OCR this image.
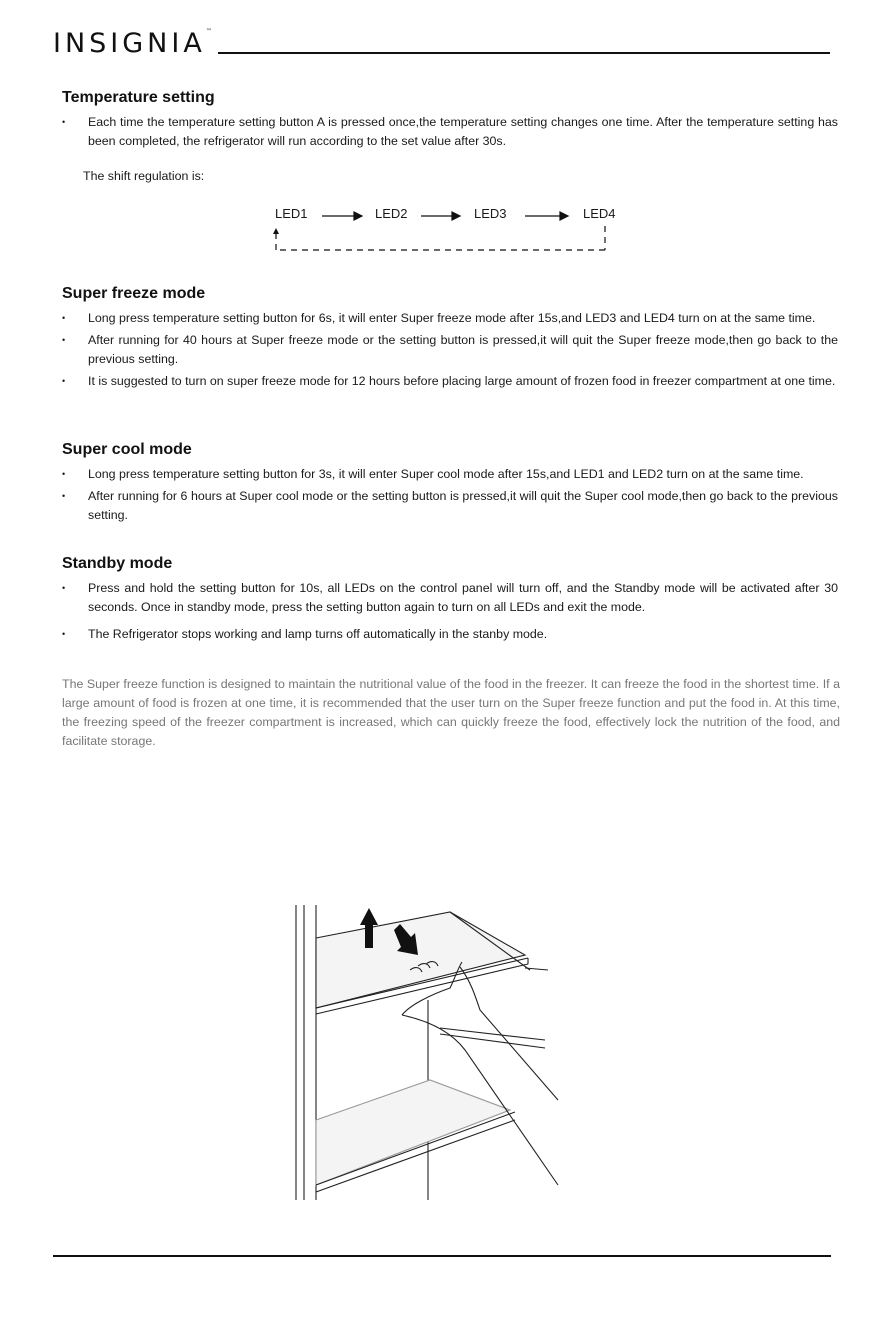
INSIGNIA™
Temperature setting
• Each time the temperature setting button A is pressed once,the temperature setting changes one time. After the temperature setting has been completed, the refrigerator will run according to the set value after 30s.
The shift regulation is:
Super freeze mode
• Long press temperature setting button for 6s, it will enter Super freeze mode after 15s,and LED3 and LED4 turn on at the same time.
• After running for 40 hours at Super freeze mode or the setting button is pressed,it will quit the Super freeze mode,then go back to the previous setting.
• It is suggested to turn on super freeze mode for 12 hours before placing large amount of frozen food in freezer compartment at one time.
Super cool mode
• Long press temperature setting button for 3s, it will enter Super cool mode after 15s,and LED1 and LED2 turn on at the same time.
• After running for 6 hours at Super cool mode or the setting button is pressed,it will quit the Super cool mode,then go back to the previous setting.
Standby mode
• Press and hold the setting button for 10s, all LEDs on the control panel will turn off, and the Standby mode will be activated after 30 seconds. Once in standby mode, press the setting button again to turn on all LEDs and exit the mode.
• The Refrigerator stops working and lamp turns off automatically in the stanby mode.
LED1	LED2	LED3	LED4
The Super freeze function is designed to maintain the nutritional value of the food in the freezer. It can freeze the food in the shortest time. If a large amount of food is frozen at one time, it is recommended that the user turn on the Super freeze function and put the food in. At this time, the freezing speed of the freezer compartment is increased, which can quickly freeze the food, effectively lock the nutrition of the food, and facilitate storage.
